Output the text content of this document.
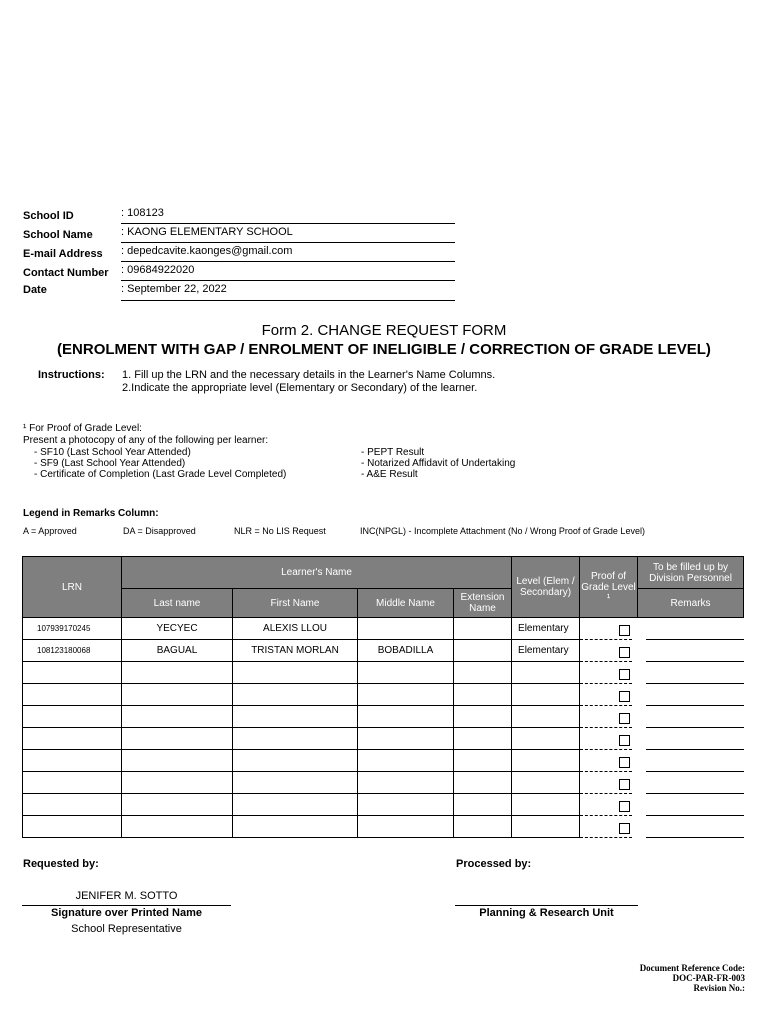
School ID	: 108123
School Name	: KAONG ELEMENTARY SCHOOL
E-mail Address : depedcavite.kaonges@gmail.com
Contact Number : 09684922020
Date	: September 22, 2022
Form 2. CHANGE REQUEST FORM
(ENROLMENT WITH GAP / ENROLMENT OF INELIGIBLE / CORRECTION OF GRADE LEVEL)
Instructions: 1. Fill up the LRN and the necessary details in the Learner's Name Columns.
2.Indicate the appropriate level (Elementary or Secondary) of the learner.
¹ For Proof of Grade Level:
Present a photocopy of any of the following per learner:
- SF10 (Last School Year Attended)
- SF9 (Last School Year Attended)
- Certificate of Completion (Last Grade Level Completed)
- PEPT Result
- Notarized Affidavit of Undertaking
- A&E Result
Legend in Remarks Column:
A = Approved	DA = Disapproved	NLR = No LIS Request	INC(NPGL) - Incomplete Attachment (No / Wrong Proof of Grade Level)
LRN	Learner's Name				Level (Elem / Secondary)	Proof of Grade Level ¹	To be filled up by Division Personnel
	Last name	First Name	Middle Name	Extension Name			Remarks
107939170245	YECYEC	ALEXIS LLOU			Elementary	

108123180068	BAGUAL	TRISTAN MORLAN	BOBADILLA		Elementary	

Requested by:
JENIFER M. SOTTO
Signature over Printed Name
School Representative
Processed by:
Planning & Research Unit
Document Reference Code:
DOC-PAR-FR-003
Revision No.:
